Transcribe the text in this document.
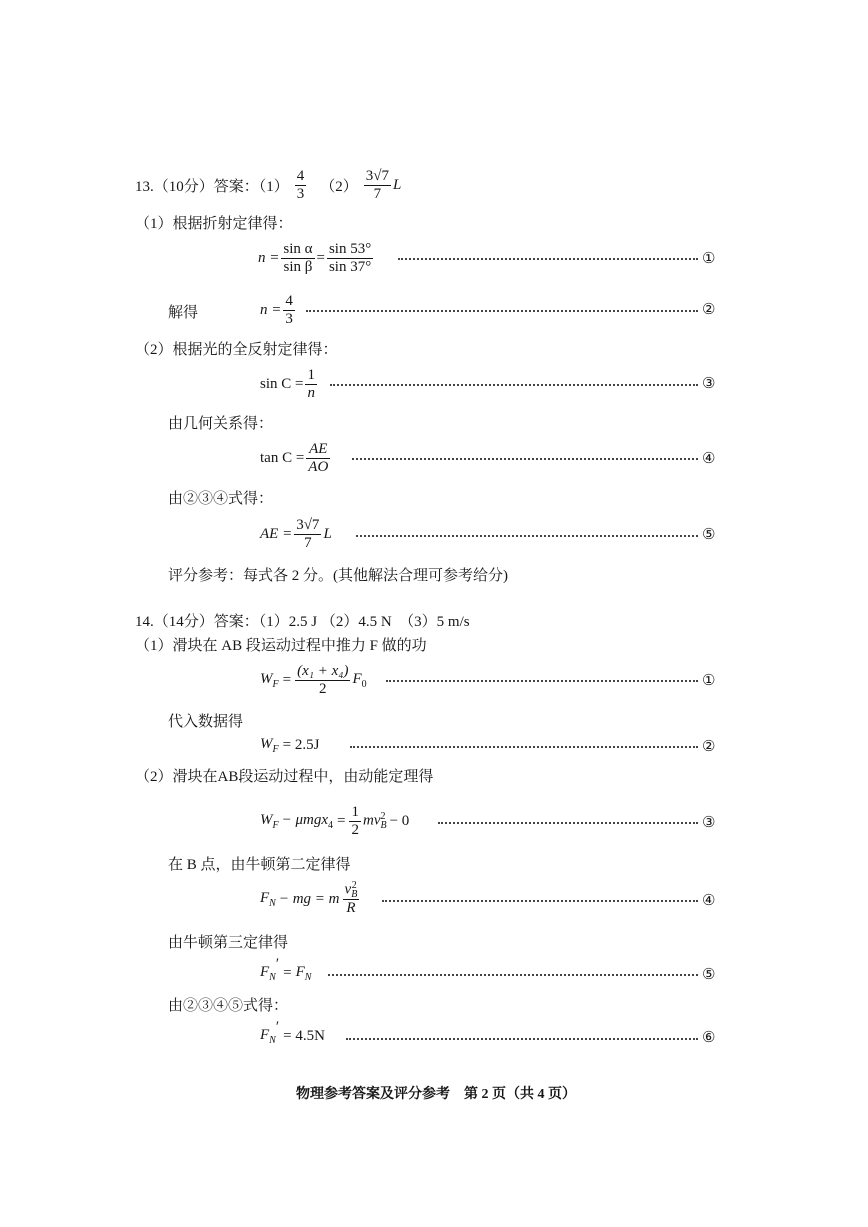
13.（10分）答案：$(1) \frac{4}{3} (2) \frac{3√7}{7}$ L
（1）根据折射定律得：
$n = \frac{\text{sin α}}{\text{sin β}} = \frac{\sin 53^\circ}{\sin 37^\circ}$	①
解得	$n = \frac{4}{3}$	②
（2）根据光的全反射定律得：
$\sin C = \frac{1}{n}$	③
由几何关系得：
$\tan C = \frac{AE}{AO}$	④
由②③④式得：
AE = $\frac{3√7}{7}$ L	⑤
评分参考：每式各 2 分。(其他解法合理可参考给分)
14.（14分）答案：（1）2.5 J （2）4.5 N　（3）5 m/s
（1）滑块在 AB 段运动过程中推力 F 做的功
$W_F = \frac{\text{(x₁ + x₄)}}{2} F_0$	①
代入数据得
$W_F = 2.5J$	②
（2）滑块在AB段运动过程中，由动能定理得
$W_F - \mu mgx_4 = \frac{1}{2}$ mv 2
B − 0	③
在 B 点，由牛顿第二定律得
$F_N$ − mg = m v 2
B
R	④
由牛顿第三定律得
$F_N'$
= $F_N$	⑤
由②③④⑤式得：
$F_N'$
= 4.5N	⑥
物理参考答案及评分参考　第 2 页（共 4 页）
